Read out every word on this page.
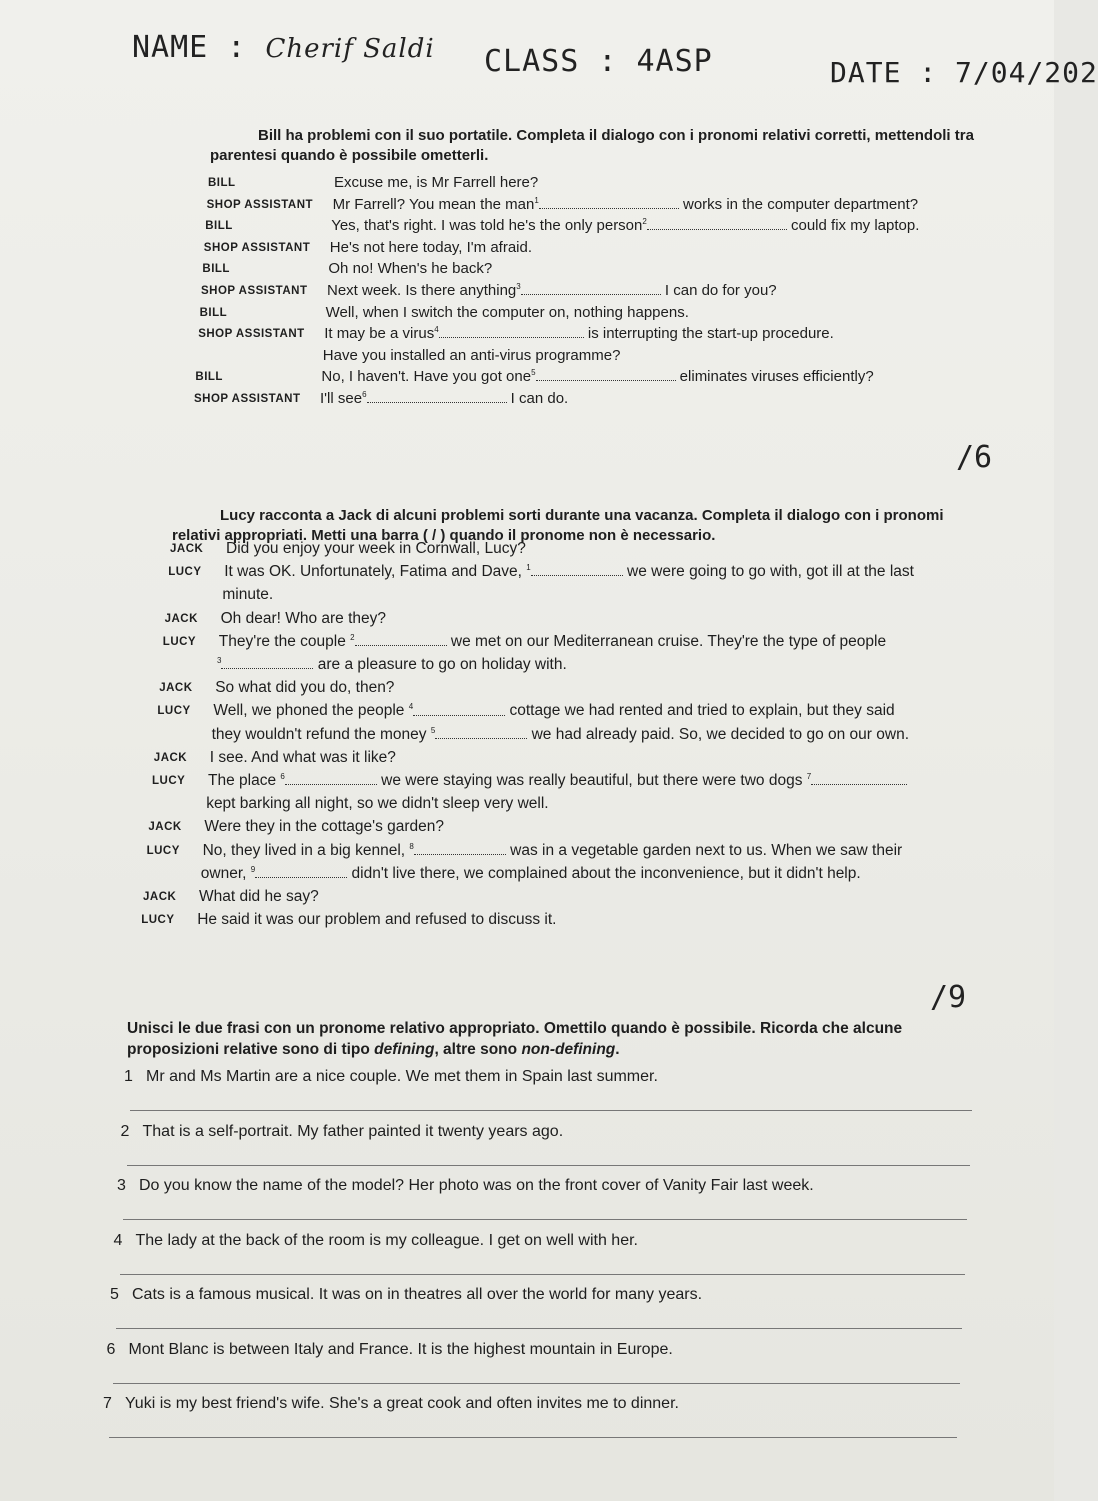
NAME : Cherif Saldi CLASS : 4ASP	DATE : 7/04/202
Bill ha problemi con il suo portatile. Completa il dialogo con i pronomi relativi corretti, mettendoli tra
parentesi quando è possibile ometterli.
BILL	Excuse me, is Mr Farrell here?
SHOP ASSISTANT Mr Farrell? You mean the man$^1$	works in the computer department?
BILL	Yes, that's right. I was told he's the only person$^2$	could fix my laptop.
SHOP ASSISTANT He's not here today, I'm afraid.
BILL	Oh no! When's he back?
SHOP ASSISTANT Next week. Is there anything$^3$	I can do for you?
BILL	Well, when I switch the computer on, nothing happens.
SHOP ASSISTANT It may be a virus$^4$	is interrupting the start-up procedure.
Have you installed an anti-virus programme?
BILL	No, I haven't. Have you got one$^5$	eliminates viruses efficiently?
SHOP ASSISTANT I'll see$^6$	I can do.
/6
Lucy racconta a Jack di alcuni problemi sorti durante una vacanza. Completa il dialogo con i pronomi
relativi appropriati. Metti una barra ( / ) quando il pronome non è necessario.
JACK Did you enjoy your week in Cornwall, Lucy?
LUCY It was OK. Unfortunately, Fatima and Dave, $^1$	we were going to go with, got ill at the last
minute.
JACK Oh dear! Who are they?
LUCY They're the couple $^2$	we met on our Mediterranean cruise. They're the type of people
$^3$	are a pleasure to go on holiday with.
JACK So what did you do, then?
LUCY Well, we phoned the people $^4$	cottage we had rented and tried to explain, but they said
they wouldn't refund the money $^5$	we had already paid. So, we decided to go on our own.
JACK I see. And what was it like?
LUCY The place $^6$	we were staying was really beautiful, but there were two dogs $^7$
kept barking all night, so we didn't sleep very well.
JACK Were they in the cottage's garden?
LUCY No, they lived in a big kennel, $^8$	was in a vegetable garden next to us. When we saw their
owner, $^9$	didn't live there, we complained about the inconvenience, but it didn't help.
JACK What did he say?
LUCY He said it was our problem and refused to discuss it.
/9
Unisci le due frasi con un pronome relativo appropriato. Omettilo quando è possibile. Ricorda che alcune
proposizioni relative sono di tipo defining, altre sono non-defining.
1 Mr and Ms Martin are a nice couple. We met them in Spain last summer.
2 That is a self-portrait. My father painted it twenty years ago.
3 Do you know the name of the model? Her photo was on the front cover of Vanity Fair last week.
4 The lady at the back of the room is my colleague. I get on well with her.
5 Cats is a famous musical. It was on in theatres all over the world for many years.
6 Mont Blanc is between Italy and France. It is the highest mountain in Europe.
7 Yuki is my best friend's wife. She's a great cook and often invites me to dinner.
